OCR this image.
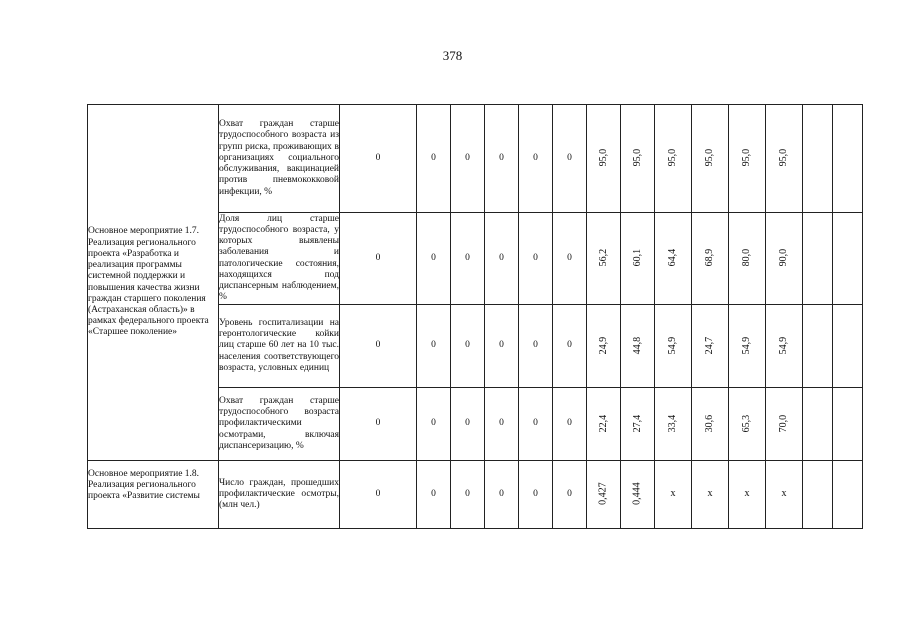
378
Основное мероприятие 1.7. Реализация регионального проекта «Разработка и реализация программы системной поддержки и повышения качества жизни граждан старшего поколения (Астраханская область)» в рамках федерального проекта «Старшее поколение»	Охват граждан старше трудоспособного возраста из групп риска, проживающих в организациях социального обслуживания, вакцинацией против пневмококковой инфекции, %	0	0	0	0	0	0	95,0	95,0	95,0	95,0	95,0	95,0		
	Доля лиц старше трудоспособного возраста, у которых выявлены заболевания и патологические состояния, находящихся под диспансерным наблюдением, %	0	0	0	0	0	0	56,2	60,1	64,4	68,9	80,0	90,0		
	Уровень госпитализации на геронтологические койки лиц старше 60 лет на 10 тыс. населения соответствующего возраста, условных единиц	0	0	0	0	0	0	24,9	44,8	54,9	24,7	54,9	54,9		
	Охват граждан старше трудоспособного возраста профилактическими осмотрами, включая диспансеризацию, %	0	0	0	0	0	0	22,4	27,4	33,4	30,6	65,3	70,0		
Основное мероприятие 1.8. Реализация регионального проекта «Развитие системы	Число граждан, прошедших профилактические осмотры, (млн чел.)	0	0	0	0	0	0	0,427	0,444	x	x	x	x		
